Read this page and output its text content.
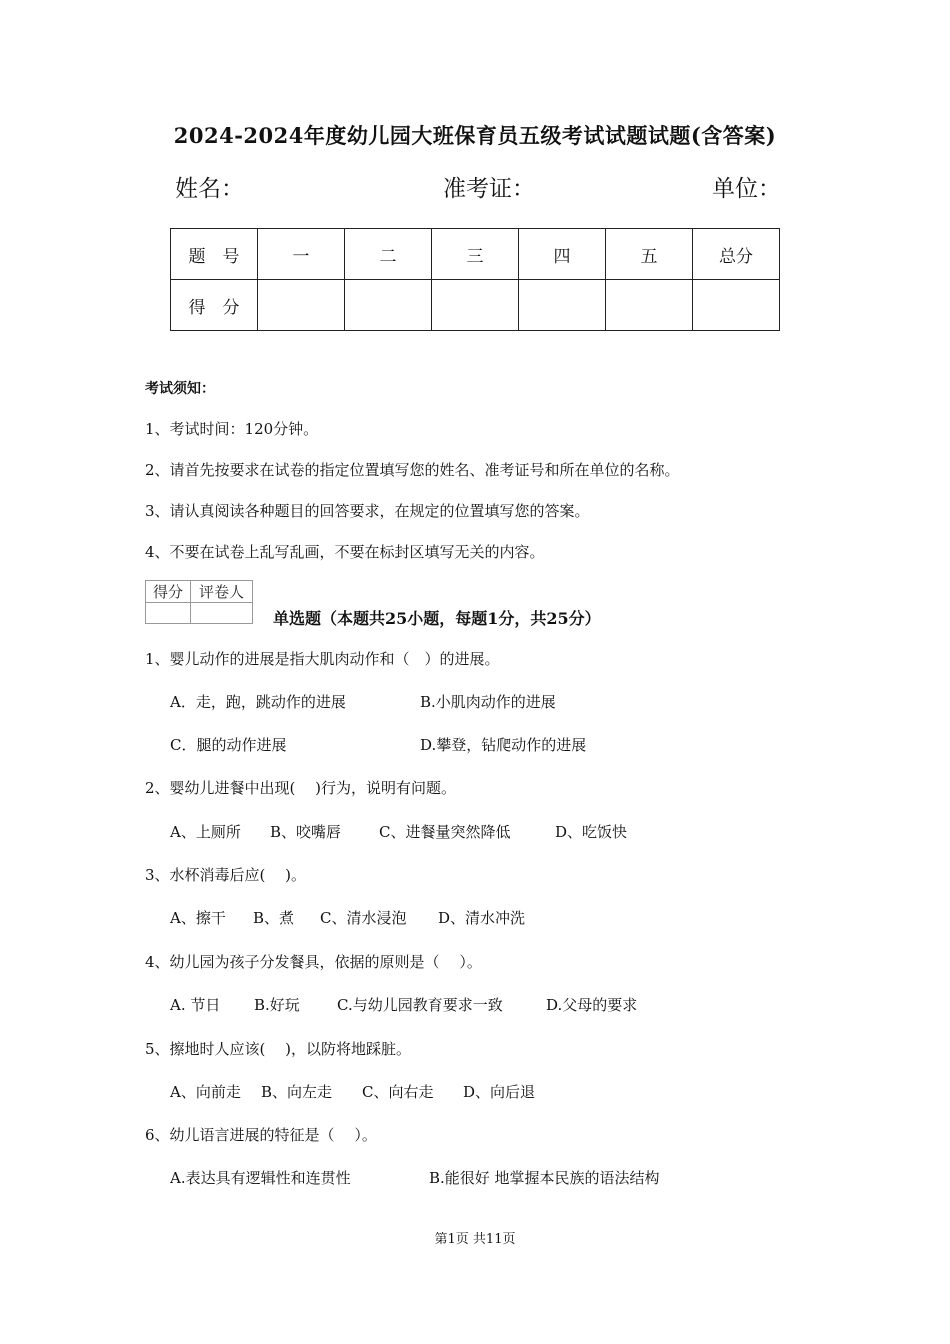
2024-2024年度幼儿园大班保育员五级考试试题试题(含答案)
姓名：	准考证：	单位：
题　号	一	二	三	四	五	总分
得　分						
考试须知：
1、考试时间：120分钟。
2、请首先按要求在试卷的指定位置填写您的姓名、准考证号和所在单位的名称。
3、请认真阅读各种题目的回答要求，在规定的位置填写您的答案。
4、不要在试卷上乱写乱画，不要在标封区填写无关的内容。
得分	评卷人

单选题（本题共25小题，每题1分，共25分）
1、婴儿动作的进展是指大肌肉动作和（　）的进展。
A．走，跑，跳动作的进展	B.小肌肉动作的进展
C．腿的动作进展	D.攀登，钻爬动作的进展
2、婴幼儿进餐中出现(　 )行为，说明有问题。
A、上厕所 B、咬嘴唇	C、进餐量突然降低	D、吃饭快
3、水杯消毒后应(　 )。
A、擦干 B、煮 C、清水浸泡 D、清水冲洗
4、幼儿园为孩子分发餐具，依据的原则是（　 ）。
A. 节日 B.好玩 C.与幼儿园教育要求一致	D.父母的要求
5、擦地时人应该(　 )，以防将地踩脏。
A、向前走 B、向左走 C、向右走 D、向后退
6、幼儿语言进展的特征是（　 ）。
A.表达具有逻辑性和连贯性	B.能很好 地掌握本民族的语法结构
第1页 共11页
